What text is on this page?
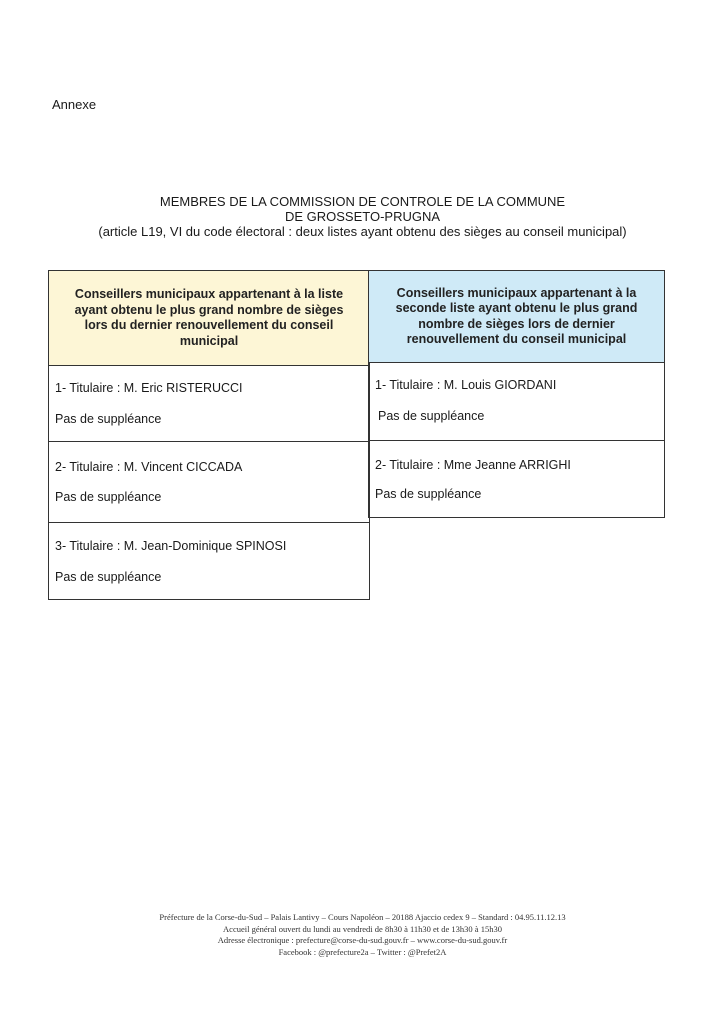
Annexe
MEMBRES DE LA COMMISSION DE CONTROLE DE LA COMMUNE
DE GROSSETO-PRUGNA
(article L19, VI du code électoral : deux listes ayant obtenu des sièges au conseil municipal)
Conseillers municipaux appartenant à la liste
ayant obtenu le plus grand nombre de sièges
lors du dernier renouvellement du conseil
municipal
Conseillers municipaux appartenant à la
seconde liste ayant obtenu le plus grand
nombre de sièges lors de dernier
renouvellement du conseil municipal
1- Titulaire : M. Eric RISTERUCCI
Pas de suppléance
2- Titulaire : M. Vincent CICCADA
Pas de suppléance
3- Titulaire : M. Jean-Dominique SPINOSI
Pas de suppléance
1- Titulaire : M. Louis GIORDANI
Pas de suppléance
2- Titulaire : Mme Jeanne ARRIGHI
Pas de suppléance
Préfecture de la Corse-du-Sud – Palais Lantivy – Cours Napoléon – 20188 Ajaccio cedex 9 – Standard : 04.95.11.12.13
Accueil général ouvert du lundi au vendredi de 8h30 à 11h30 et de 13h30 à 15h30
Adresse électronique : prefecture@corse-du-sud.gouv.fr – www.corse-du-sud.gouv.fr
Facebook : @prefecture2a – Twitter : @Prefet2A
